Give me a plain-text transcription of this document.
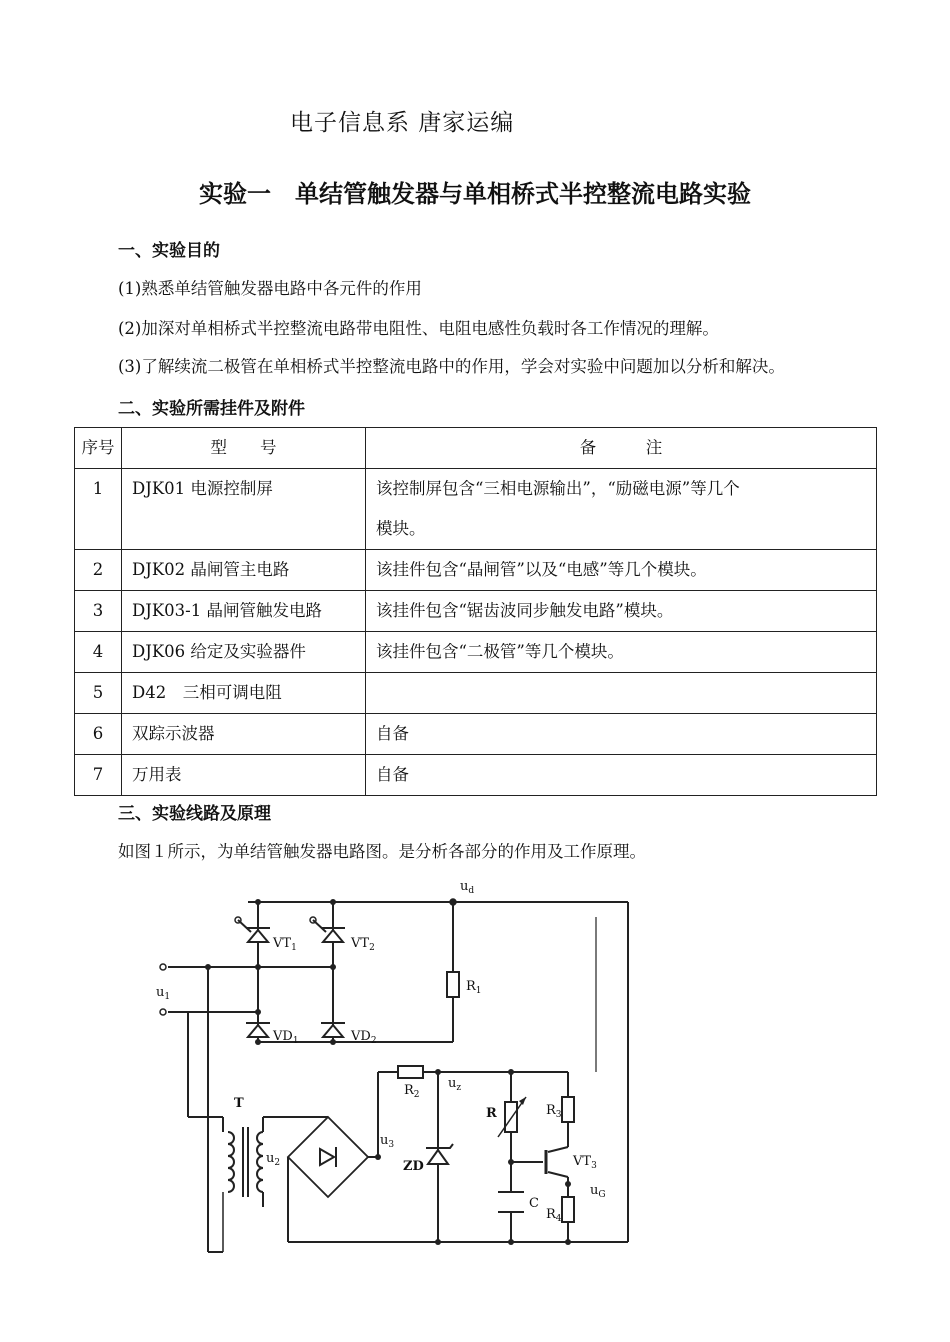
电子信息系 唐家运编
实验一　单结管触发器与单相桥式半控整流电路实验
一、实验目的
(1)熟悉单结管触发器电路中各元件的作用
(2)加深对单相桥式半控整流电路带电阻性、电阻电感性负载时各工作情况的理解。
(3)了解续流二极管在单相桥式半控整流电路中的作用，学会对实验中问题加以分析和解决。
二、实验所需挂件及附件
序号	型　　号	备　　　注
1	DJK01 电源控制屏	该控制屏包含“三相电源输出”，“励磁电源”等几个
模块。

2	DJK02 晶闸管主电路	该挂件包含“晶闸管”以及“电感”等几个模块。
3	DJK03-1 晶闸管触发电路	该挂件包含“锯齿波同步触发电路”模块。
4	DJK06 给定及实验器件	该挂件包含“二极管”等几个模块。
5	D42　三相可调电阻	
6	双踪示波器	自备
7	万用表	自备
三、实验线路及原理
如图１所示，为单结管触发器电路图。是分析各部分的作用及工作原理。
$u_d$
$u_1$
$VT_1$	$VT_2$
$VD_1$	$VD_2$
$R_1$
$R_2$
$u_z$
T
$u_2$
$u_3$
ZD
R	$R_3$
$VT_3$
$u_G$
C
$R_4$
